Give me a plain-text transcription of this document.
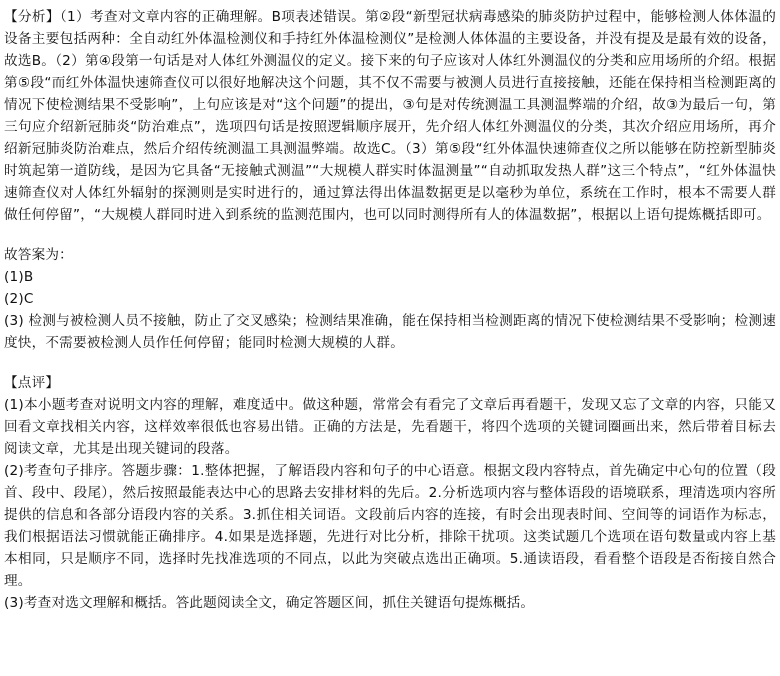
【分析】（1）考查对文章内容的正确理解。B项表述错误。第②段“新型冠状病毒感染的肺炎防护过程中，能够检测人体体温的设备主要包括两种：全自动红外体温检测仪和手持红外体温检测仪”是检测人体体温的主要设备，并没有提及是最有效的设备，故选B。（2）第④段第一句话是对人体红外测温仪的定义。接下来的句子应该对人体红外测温仪的分类和应用场所的介绍。根据第⑤段“而红外体温快速筛查仪可以很好地解决这个问题，其不仅不需要与被测人员进行直接接触，还能在保持相当检测距离的情况下使检测结果不受影响”，上句应该是对“这个问题”的提出，③句是对传统测温工具测温弊端的介绍，故③为最后一句，第三句应介绍新冠肺炎“防治难点”，选项四句话是按照逻辑顺序展开，先介绍人体红外测温仪的分类，其次介绍应用场所，再介绍新冠肺炎防治难点，然后介绍传统测温工具测温弊端。故选C。（3）第⑤段“红外体温快速筛查仪之所以能够在防控新型肺炎时筑起第一道防线，是因为它具备“无接触式测温”“大规模人群实时体温测量”“自动抓取发热人群”这三个特点”，“红外体温快速筛查仪对人体红外辐射的探测则是实时进行的，通过算法得出体温数据更是以毫秒为单位，系统在工作时，根本不需要人群做任何停留”，“大规模人群同时进入到系统的监测范围内，也可以同时测得所有人的体温数据”，根据以上语句提炼概括即可。

故答案为：

(1)B

(2)C

(3) 检测与被检测人员不接触，防止了交叉感染；检测结果准确，能在保持相当检测距离的情况下使检测结果不受影响；检测速度快，不需要被检测人员作任何停留；能同时检测大规模的人群。

【点评】

(1)本小题考查对说明文内容的理解，难度适中。做这种题，常常会有看完了文章后再看题干，发现又忘了文章的内容，只能又回看文章找相关内容，这样效率很低也容易出错。正确的方法是，先看题干，将四个选项的关键词圈画出来，然后带着目标去阅读文章，尤其是出现关键词的段落。

(2)考查句子排序。答题步骤：1.整体把握，了解语段内容和句子的中心语意。根据文段内容特点，首先确定中心句的位置（段首、段中、段尾），然后按照最能表达中心的思路去安排材料的先后。2.分析选项内容与整体语段的语境联系，理清选项内容所提供的信息和各部分语段内容的关系。3.抓住相关词语。文段前后内容的连接，有时会出现表时间、空间等的词语作为标志，我们根据语法习惯就能正确排序。4.如果是选择题，先进行对比分析，排除干扰项。这类试题几个选项在语句数量或内容上基本相同，只是顺序不同，选择时先找准选项的不同点，以此为突破点选出正确项。5.通读语段，看看整个语段是否衔接自然合理。

(3)考查对选文理解和概括。答此题阅读全文，确定答题区间，抓住关键语句提炼概括。
